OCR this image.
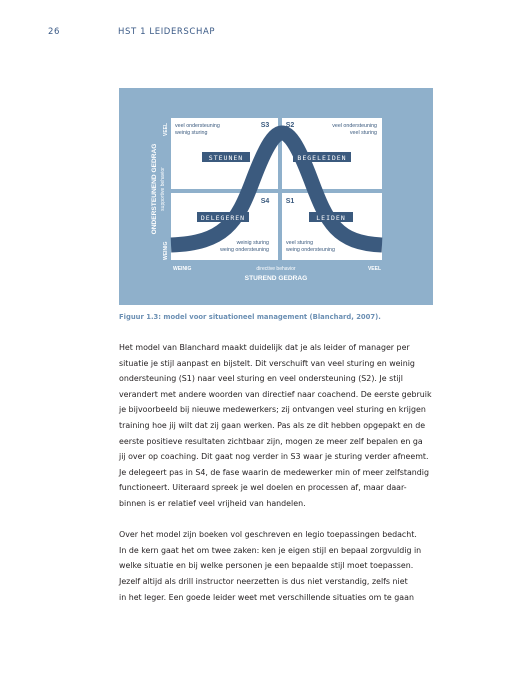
26	HST 1 LEIDERSCHAP
STEUNEN	BEGELEIDEN
DELEGEREN	LEIDEN
S3 S2
S4 S1
veel ondersteuning
weinig sturing
veel ondersteuning
veel sturing
weinig sturing
weing ondersteuning
veel sturing
weing ondersteuning
ONDERSTEUNEND GEDRAG supportive behavior
VEEL
WEINIG
WEINIG	VEEL
directive behavior
STUREND GEDRAG
Figuur 1.3: model voor situationeel management (Blanchard, 2007).

Het model van Blanchard maakt duidelijk dat je als leider of manager per
situatie je stijl aanpast en bijstelt. Dit verschuift van veel sturing en weinig
ondersteuning (S1) naar veel sturing en veel ondersteuning (S2). Je stijl
verandert met andere woorden van directief naar coachend. De eerste gebruik
je bijvoorbeeld bij nieuwe medewerkers; zij ontvangen veel sturing en krijgen
training hoe jij wilt dat zij gaan werken. Pas als ze dit hebben opgepakt en de
eerste positieve resultaten zichtbaar zijn, mogen ze meer zelf bepalen en ga
jij over op coaching. Dit gaat nog verder in S3 waar je sturing verder afneemt.
Je delegeert pas in S4, de fase waarin de medewerker min of meer zelfstandig
functioneert. Uiteraard spreek je wel doelen en processen af, maar daar-
binnen is er relatief veel vrijheid van handelen.

Over het model zijn boeken vol geschreven en legio toepassingen bedacht.
In de kern gaat het om twee zaken: ken je eigen stijl en bepaal zorgvuldig in
welke situatie en bij welke personen je een bepaalde stijl moet toepassen.
Jezelf altijd als drill instructor neerzetten is dus niet verstandig, zelfs niet
in het leger. Een goede leider weet met verschillende situaties om te gaan
